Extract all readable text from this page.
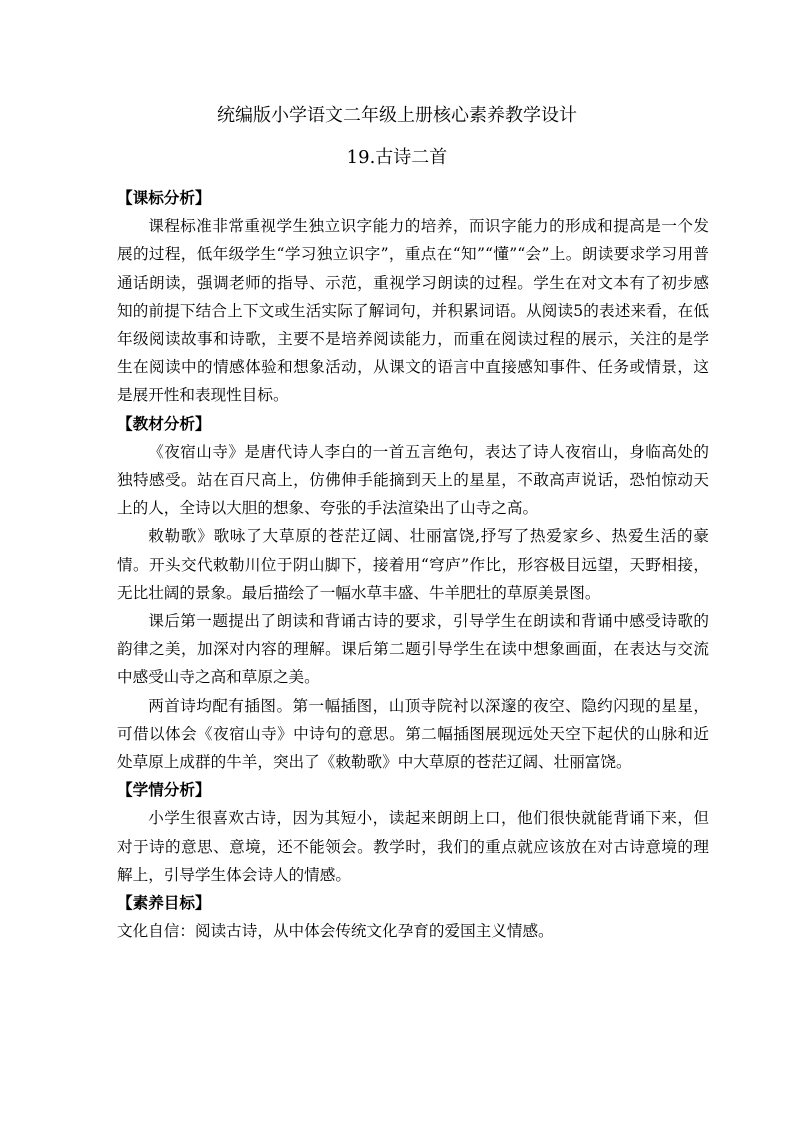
统编版小学语文二年级上册核心素养教学设计
19.古诗二首

【课标分析】

课程标准非常重视学生独立识字能力的培养，而识字能力的形成和提高是一个发展的过程，低年级学生“学习独立识字”，重点在“知”“懂”“会”上。朗读要求学习用普通话朗读，强调老师的指导、示范，重视学习朗读的过程。学生在对文本有了初步感知的前提下结合上下文或生活实际了解词句，并积累词语。从阅读5的表述来看，在低年级阅读故事和诗歌，主要不是培养阅读能力，而重在阅读过程的展示，关注的是学生在阅读中的情感体验和想象活动，从课文的语言中直接感知事件、任务或情景，这是展开性和表现性目标。

【教材分析】

《夜宿山寺》是唐代诗人李白的一首五言绝句，表达了诗人夜宿山，身临高处的独特感受。站在百尺高上，仿佛伸手能摘到天上的星星，不敢高声说话，恐怕惊动天上的人，全诗以大胆的想象、夸张的手法渲染出了山寺之高。

敕勒歌》歌咏了大草原的苍茫辽阔、壮丽富饶,抒写了热爱家乡、热爱生活的豪情。开头交代敕勒川位于阴山脚下，接着用“穹庐”作比，形容极目远望，天野相接，无比壮阔的景象。最后描绘了一幅水草丰盛、牛羊肥壮的草原美景图。

课后第一题提出了朗读和背诵古诗的要求，引导学生在朗读和背诵中感受诗歌的韵律之美，加深对内容的理解。课后第二题引导学生在读中想象画面，在表达与交流中感受山寺之高和草原之美。

两首诗均配有插图。第一幅插图，山顶寺院衬以深邃的夜空、隐约闪现的星星，可借以体会《夜宿山寺》中诗句的意思。第二幅插图展现远处天空下起伏的山脉和近处草原上成群的牛羊，突出了《敕勒歌》中大草原的苍茫辽阔、壮丽富饶。

【学情分析】

小学生很喜欢古诗，因为其短小，读起来朗朗上口，他们很快就能背诵下来，但对于诗的意思、意境，还不能领会。教学时，我们的重点就应该放在对古诗意境的理解上，引导学生体会诗人的情感。

【素养目标】

文化自信：阅读古诗，从中体会传统文化孕育的爱国主义情感。
